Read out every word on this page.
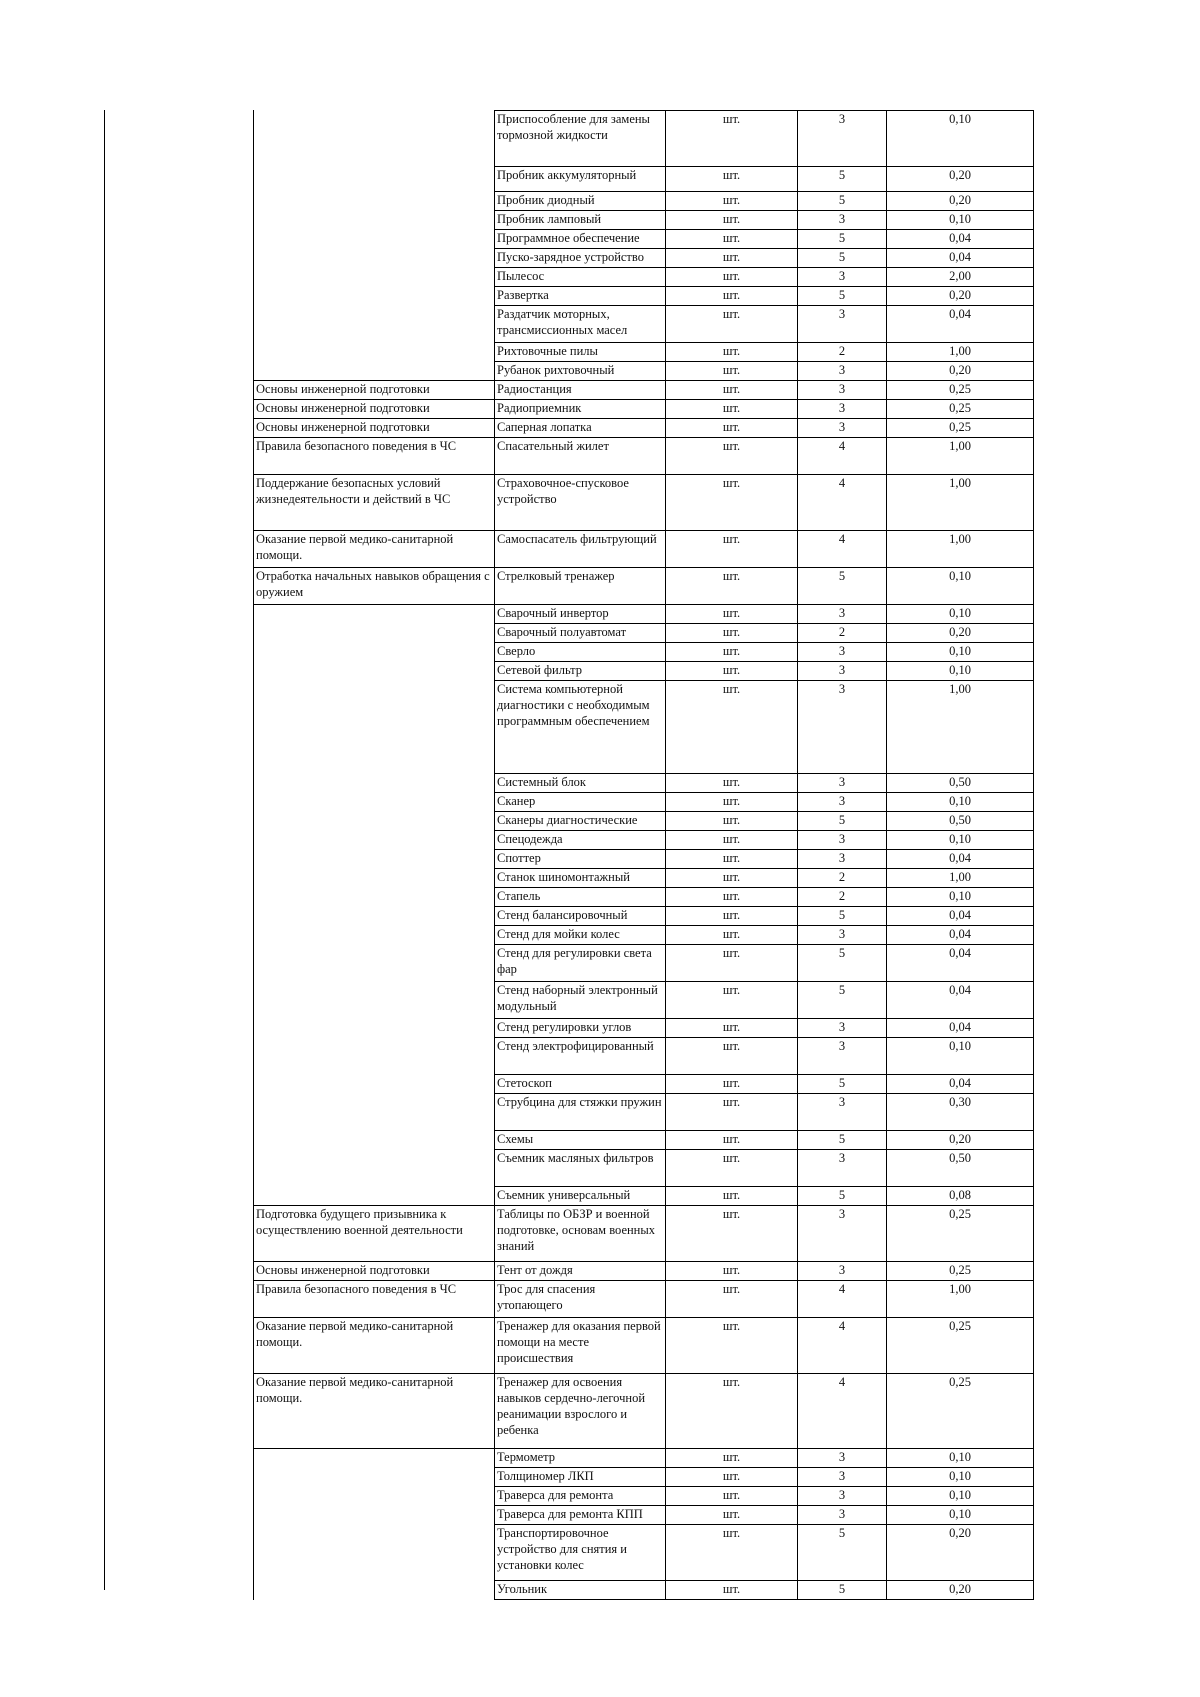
	Приспособление для замены тормозной жидкости	шт.	3	0,10
	Пробник аккумуляторный	шт.	5	0,20
	Пробник диодный	шт.	5	0,20
	Пробник ламповый	шт.	3	0,10
	Программное обеспечение	шт.	5	0,04
	Пуско-зарядное устройство	шт.	5	0,04
	Пылесос	шт.	3	2,00
	Развертка	шт.	5	0,20
	Раздатчик моторных, трансмиссионных масел	шт.	3	0,04
	Рихтовочные пилы	шт.	2	1,00
	Рубанок рихтовочный	шт.	3	0,20
Основы инженерной подготовки	Радиостанция	шт.	3	0,25
Основы инженерной подготовки	Радиоприемник	шт.	3	0,25
Основы инженерной подготовки	Саперная лопатка	шт.	3	0,25
Правила безопасного поведения в ЧС	Спасательный жилет	шт.	4	1,00
Поддержание безопасных условий жизнедеятельности и действий в ЧС	Страховочное-спусковое устройство	шт.	4	1,00
Оказание первой медико-санитарной помощи.	Самоспасатель фильтрующий	шт.	4	1,00
Отработка начальных навыков обращения с оружием	Стрелковый тренажер	шт.	5	0,10
	Сварочный инвертор	шт.	3	0,10
	Сварочный полуавтомат	шт.	2	0,20
	Сверло	шт.	3	0,10
	Сетевой фильтр	шт.	3	0,10
	Система компьютерной диагностики с необходимым программным обеспечением	шт.	3	1,00
	Системный блок	шт.	3	0,50
	Сканер	шт.	3	0,10
	Сканеры диагностические	шт.	5	0,50
	Спецодежда	шт.	3	0,10
	Споттер	шт.	3	0,04
	Станок шиномонтажный	шт.	2	1,00
	Стапель	шт.	2	0,10
	Стенд балансировочный	шт.	5	0,04
	Стенд для мойки колес	шт.	3	0,04
	Стенд для регулировки света фар	шт.	5	0,04
	Стенд наборный электронный модульный	шт.	5	0,04
	Стенд регулировки углов	шт.	3	0,04
	Стенд электрофицированный	шт.	3	0,10
	Стетоскоп	шт.	5	0,04
	Струбцина для стяжки пружин	шт.	3	0,30
	Схемы	шт.	5	0,20
	Съемник масляных фильтров	шт.	3	0,50
	Съемник универсальный	шт.	5	0,08
Подготовка будущего призывника к осуществлению военной деятельности	Таблицы по ОБЗР и военной подготовке, основам военных знаний	шт.	3	0,25
Основы инженерной подготовки	Тент от дождя	шт.	3	0,25
Правила безопасного поведения в ЧС	Трос для спасения утопающего	шт.	4	1,00
Оказание первой медико-санитарной помощи.	Тренажер для оказания первой помощи на месте происшествия	шт.	4	0,25
Оказание первой медико-санитарной помощи.	Тренажер для освоения навыков сердечно-легочной реанимации взрослого и ребенка	шт.	4	0,25
	Термометр	шт.	3	0,10
	Толщиномер ЛКП	шт.	3	0,10
	Траверса для ремонта	шт.	3	0,10
	Траверса для ремонта КПП	шт.	3	0,10
	Транспортировочное устройство для снятия и установки колес	шт.	5	0,20
	Угольник	шт.	5	0,20
